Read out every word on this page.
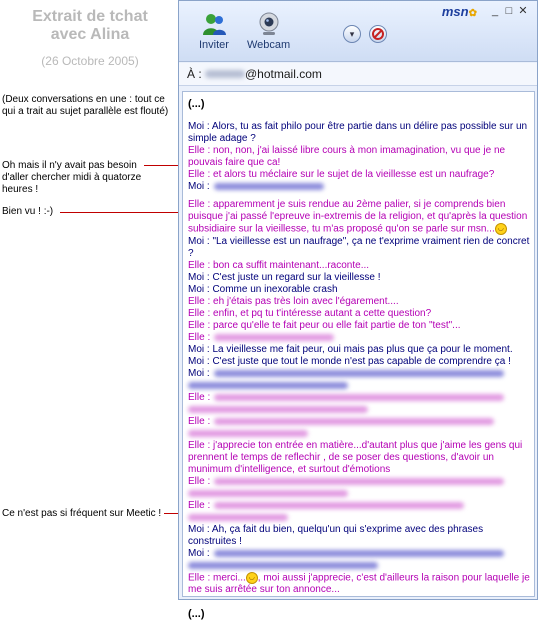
Extrait de tchat
avec Alina
(26 Octobre 2005)
(Deux conversations en une : tout ce qui a trait au sujet parallèle est flouté)
Oh mais il n'y avait pas besoin d'aller chercher midi à quatorze heures !
Bien vu ! :-)
Ce n'est pas si fréquent sur Meetic !
Inviter Webcam
▾
msn✿ _ □ ✕
À :	@hotmail.com

(...)

Moi : Alors, tu as fait philo pour être partie dans un délire pas possible sur un simple adage ?

Elle : non, non, j'ai laissé libre cours à mon imamagination, vu que je ne pouvais faire que ca!

Elle : et alors tu méclaire sur le sujet de la vieillesse est un naufrage?

Moi :

Elle : apparemment je suis rendue au 2ème palier, si je comprends bien puisque j'ai passé l'epreuve in-extremis de la religion, et qu'après la question subsidiaire sur la vieillesse, tu m'as proposé qu'on se parle sur msn... ◡

Moi : "La vieillesse est un naufrage", ça ne t'exprime vraiment rien de concret ?

Elle : bon ca suffit maintenant...raconte...

Moi : C'est juste un regard sur la vieillesse !

Moi : Comme un inexorable crash

Elle : eh j'étais pas très loin avec l'égarement....

Elle : enfin, et pq tu t'intéresse autant a cette question?

Elle : parce qu'elle te fait peur ou elle fait partie de ton "test"...

Elle :

Moi : La vieillesse me fait peur, oui mais pas plus que ça pour le moment.

Moi : C'est juste que tout le monde n'est pas capable de comprendre ça !

Moi :

Elle :

Elle :

Elle : j'apprecie ton entrée en matière...d'autant plus que j'aime les gens qui prennent le temps de reflechir , de se poser des questions, d'avoir un munimum d'intelligence, et surtout d'émotions

Elle :

Elle :

Moi : Ah, ça fait du bien, quelqu'un qui s'exprime avec des phrases construites !

Moi :

Elle : merci... ◡ , moi aussi j'apprecie, c'est d'ailleurs la raison pour laquelle je me suis arrêtée sur ton annonce...

(...)
